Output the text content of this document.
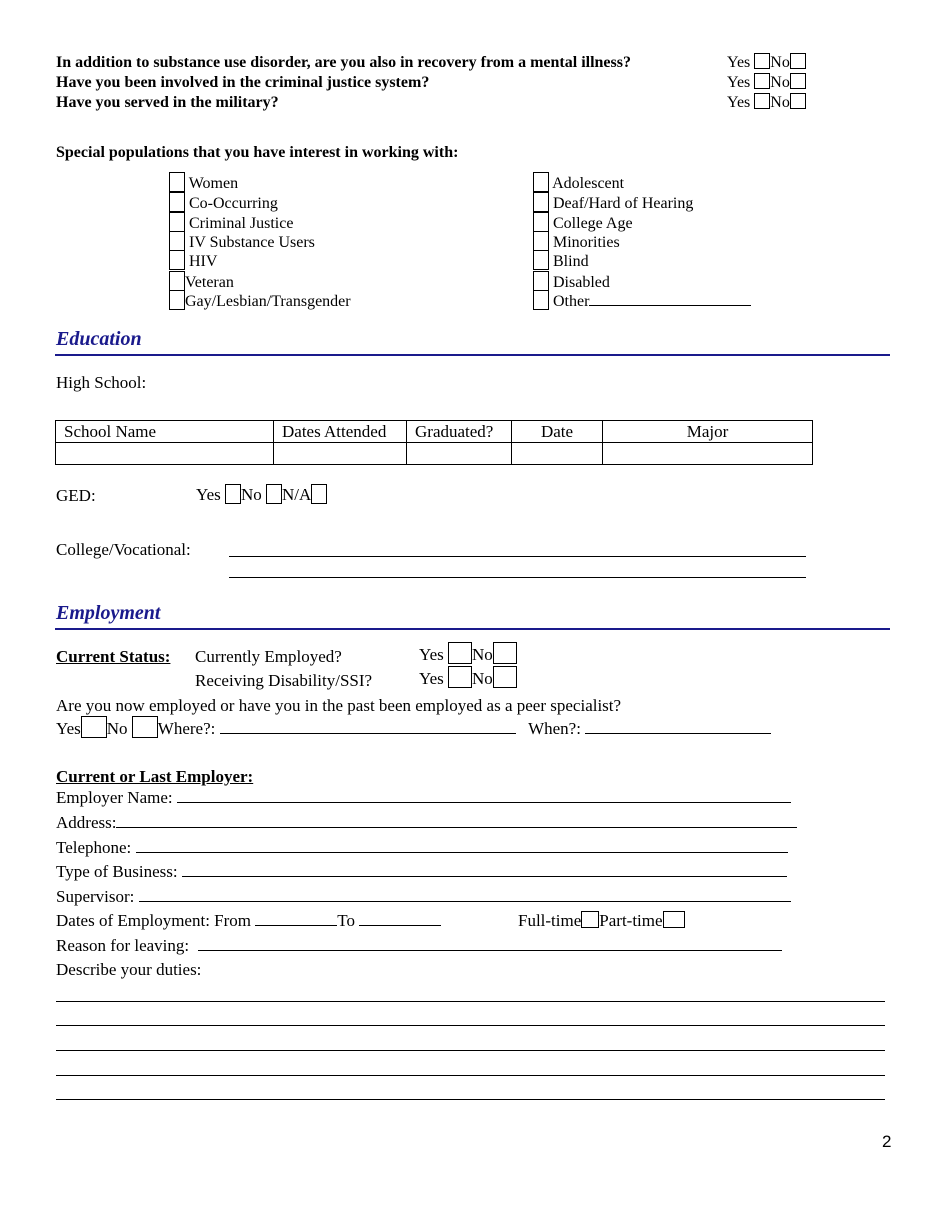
In addition to substance use disorder, are you also in recovery from a mental illness?	Yes No
Have you been involved in the criminal justice system?	Yes No
Have you served in the military?	Yes No
Special populations that you have interest in working with:
Women
Co-Occurring
Criminal Justice
IV Substance Users
HIV
Veteran
Gay/Lesbian/Transgender
Adolescent
Deaf/Hard of Hearing
College Age
Minorities
Blind
Disabled
Other
Education
High School:
School Name	Dates Attended	Graduated?	Date	Major

GED:	Yes No N/A
College/Vocational:
Employment
Current Status: Currently Employed?	Yes No
Receiving Disability/SSI?	Yes No
Are you now employed or have you in the past been employed as a peer specialist?
Yes No Where?:	When?:
Current or Last Employer:
Employer Name:
Address:
Telephone:
Type of Business:
Supervisor:
Dates of Employment: From	To	Full-time Part-time
Reason for leaving:
Describe your duties:
2
